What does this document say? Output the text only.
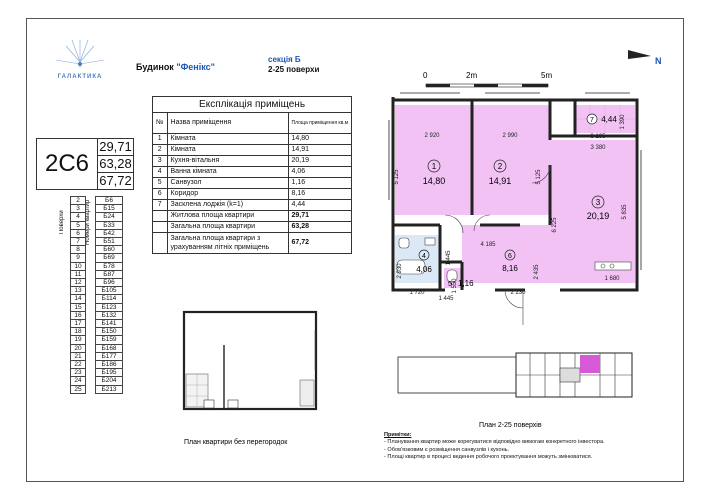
ГАЛАКТИКА
Будинок "Фенікс"
секція Б
2-25 поверхи
Експлікація приміщень		
№	Назва приміщення	Площа приміщення кв.м

1	Кімната	14,80
2	Кімната	14,91
3	Кухня-вітальня	20,19
4	Ванна кімната	4,06
5	Санвузол	1,16
6	Коридор	8,16
7	Засклена лоджія (k=1)	4,44
	Житлова площа квартири	29,71
	Загальна площа квартири	63,28
	Загальна площа квартири з
урахуванням літніх приміщень	67,72
2С6
29,71
63,28
67,72
Поверхи	Номери квартир
2		Б6
3		Б15
4		Б24
5		Б33
6		Б42
7		Б51
8		Б60
9		Б69
10		Б78
11		Б87
12		Б96
13		Б105
14		Б114
15		Б123
16		Б132
17		Б141
18		Б150
19		Б159
20		Б168
21		Б177
22		Б186
23		Б195
24		Б204
25		Б213
N
0	2m	5m
1
14,80
2
14,91
3
20,19
4
4,06
5 1,16
6
8,16
7 4,44
2 920	2 990	3 195
1 390
3 380
5 125	5 125
5 835
6 225
4 185
1 445
2 435
2 930
1 720
1 445
2 230
1 680
1 550
План квартири без перегородок
План 2-25 поверхів
Примітки:
- Планування квартир може корегуватися відповідно вимогам конкретного інвестора.
- Обов'язковим є розміщення санвузлів і кухонь.
- Площі квартир в процесі ведення робочого проектування можуть змінюватися.
